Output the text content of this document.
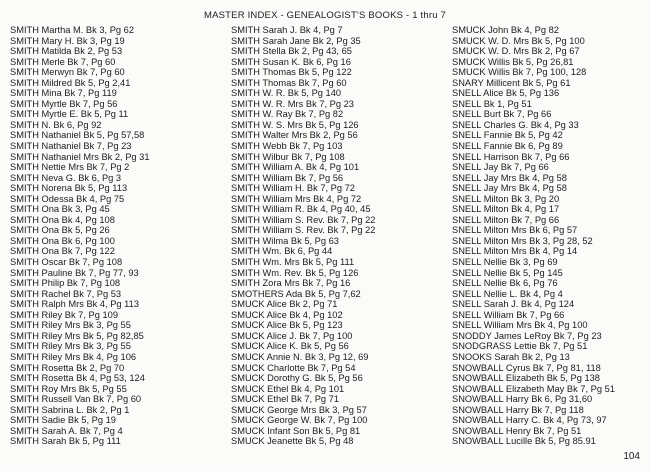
MASTER INDEX - GENEALOGIST'S BOOKS - 1 thru 7
SMITH Martha M. Bk 3, Pg 62
SMITH Mary H. Bk 3, Pg 19
SMITH Matilda Bk 2, Pg 53
SMITH Merle Bk 7, Pg 60
SMITH Merwyn Bk 7, Pg 60
SMITH Mildred Bk 5, Pg 2,41
SMITH Mina Bk 7, Pg 119
SMITH Myrtle Bk 7, Pg 56
SMITH Myrtle E. Bk 5, Pg 11
SMITH N. Bk 6, Pg 92
SMITH Nathaniel Bk 5, Pg 57,58
SMITH Nathaniel Bk 7, Pg 23
SMITH Nathaniel Mrs Bk 2, Pg 31
SMITH Nettie Mrs Bk 7, Pg 2
SMITH Neva G. Bk 6, Pg 3
SMITH Norena Bk 5, Pg 113
SMITH Odessa Bk 4, Pg 75
SMITH Ona Bk 3, Pg 45
SMITH Ona Bk 4, Pg 108
SMITH Ona Bk 5, Pg 26
SMITH Ona Bk 6, Pg 100
SMITH Ona Bk 7, Pg 122
SMITH Oscar Bk 7, Pg 108
SMITH Pauline Bk 7, Pg 77, 93
SMITH Philip Bk 7, Pg 108
SMITH Rachel Bk 7, Pg 53
SMITH Ralph Mrs Bk 4, Pg 113
SMITH Riley Bk 7, Pg 109
SMITH Riley Mrs Bk 3, Pg 55
SMITH Riley Mrs Bk 5, Pg 82,85
SMITH Riley Mrs Bk 3, Pg 55
SMITH Riley Mrs Bk 4, Pg 106
SMITH Rosetta Bk 2, Pg 70
SMITH Rosetta Bk 4, Pg 53, 124
SMITH Roy Mrs Bk 5, Pg 55
SMITH Russell Van Bk 7, Pg 60
SMITH Sabrina L. Bk 2, Pg 1
SMITH Sadie Bk 5, Pg 19
SMITH Sarah A. Bk 7, Pg 4
SMITH Sarah Bk 5, Pg 111
SMITH Sarah J. Bk 4, Pg 7
SMITH Sarah Jane Bk 2, Pg 35
SMITH Stella Bk 2, Pg 43, 65
SMITH Susan K. Bk 6, Pg 16
SMITH Thomas Bk 5, Pg 122
SMITH Thomas Bk 7, Pg 60
SMITH W. R. Bk 5, Pg 140
SMITH W. R. Mrs Bk 7, Pg 23
SMITH W. Ray Bk 7, Pg 82
SMITH W. S. Mrs Bk 5, Pg 126
SMITH Walter Mrs Bk 2, Pg 56
SMITH Webb Bk 7, Pg 103
SMITH Wilbur Bk 7, Pg 108
SMITH William A. Bk 4, Pg 101
SMITH William Bk 7, Pg 56
SMITH William H. Bk 7, Pg 72
SMITH William Mrs Bk 4, Pg 72
SMITH William R. Bk 4, Pg 40, 45
SMITH William S. Rev. Bk 7, Pg 22
SMITH William S. Rev. Bk 7, Pg 22
SMITH Wilma Bk 5, Pg 63
SMITH Wm. Bk 6, Pg 44
SMITH Wm. Mrs Bk 5, Pg 111
SMITH Wm. Rev. Bk 5, Pg 126
SMITH Zora Mrs Bk 7, Pg 16
SMOTHERS Ada Bk 5, Pg 7,62
SMUCK Alice Bk 2, Pg 71
SMUCK Alice Bk 4, Pg 102
SMUCK Alice Bk 5, Pg 123
SMUCK Alice J. Bk 7, Pg 100
SMUCK Alice K. Bk 5, Pg 56
SMUCK Annie N. Bk 3, Pg 12, 69
SMUCK Charlotte Bk 7, Pg 54
SMUCK Dorothy G. Bk 5, Pg 56
SMUCK Ethel Bk 4, Pg 101
SMUCK Ethel Bk 7, Pg 71
SMUCK George Mrs Bk 3, Pg 57
SMUCK George W. Bk 7, Pg 100
SMUCK Infant Son Bk 5, Pg 81
SMUCK Jeanette Bk 5, Pg 48
SMUCK John Bk 4, Pg 82
SMUCK W. D. Mrs Bk 5, Pg 100
SMUCK W. D. Mrs Bk 2, Pg 67
SMUCK Willis Bk 5, Pg 26,81
SMUCK Willis Bk 7, Pg 100, 128
SNARY Millicent Bk 5, Pg 61
SNELL Alice Bk 5, Pg 136
SNELL Bk 1, Pg 51
SNELL Burt Bk 7, Pg 66
SNELL Charles G. Bk 4, Pg 33
SNELL Fannie Bk 5, Pg 42
SNELL Fannie Bk 6, Pg 89
SNELL Harrison Bk 7, Pg 66
SNELL Jay Bk 7, Pg 66
SNELL Jay Mrs Bk 4, Pg 58
SNELL Jay Mrs Bk 4, Pg 58
SNELL Milton Bk 3, Pg 20
SNELL Milton Bk 4, Pg 17
SNELL Milton Bk 7, Pg 66
SNELL Milton Mrs Bk 6, Pg 57
SNELL Milton Mrs Bk 3, Pg 28, 52
SNELL Milton Mrs Bk 4, Pg 14
SNELL Nellie Bk 3, Pg 69
SNELL Nellie Bk 5, Pg 145
SNELL Nellie Bk 6, Pg 76
SNELL Nellie L. Bk 4, Pg 4
SNELL Sarah J. Bk 4, Pg 124
SNELL William Bk 7, Pg 66
SNELL William Mrs Bk 4, Pg 100
SNODDY James LeRoy Bk 7, Pg 23
SNODGRASS Lettie Bk 7, Pg 51
SNOOKS Sarah Bk 2, Pg 13
SNOWBALL Cyrus Bk 7, Pg 81, 118
SNOWBALL Elizabeth Bk 5, Pg 138
SNOWBALL Elizabeth May Bk 7, Pg 51
SNOWBALL Harry Bk 6, Pg 31,60
SNOWBALL Harry Bk 7, Pg 118
SNOWBALL Harry C. Bk 4, Pg 73, 97
SNOWBALL Henry Bk 7, Pg 51
SNOWBALL Lucille Bk 5, Pg 85.91
104
